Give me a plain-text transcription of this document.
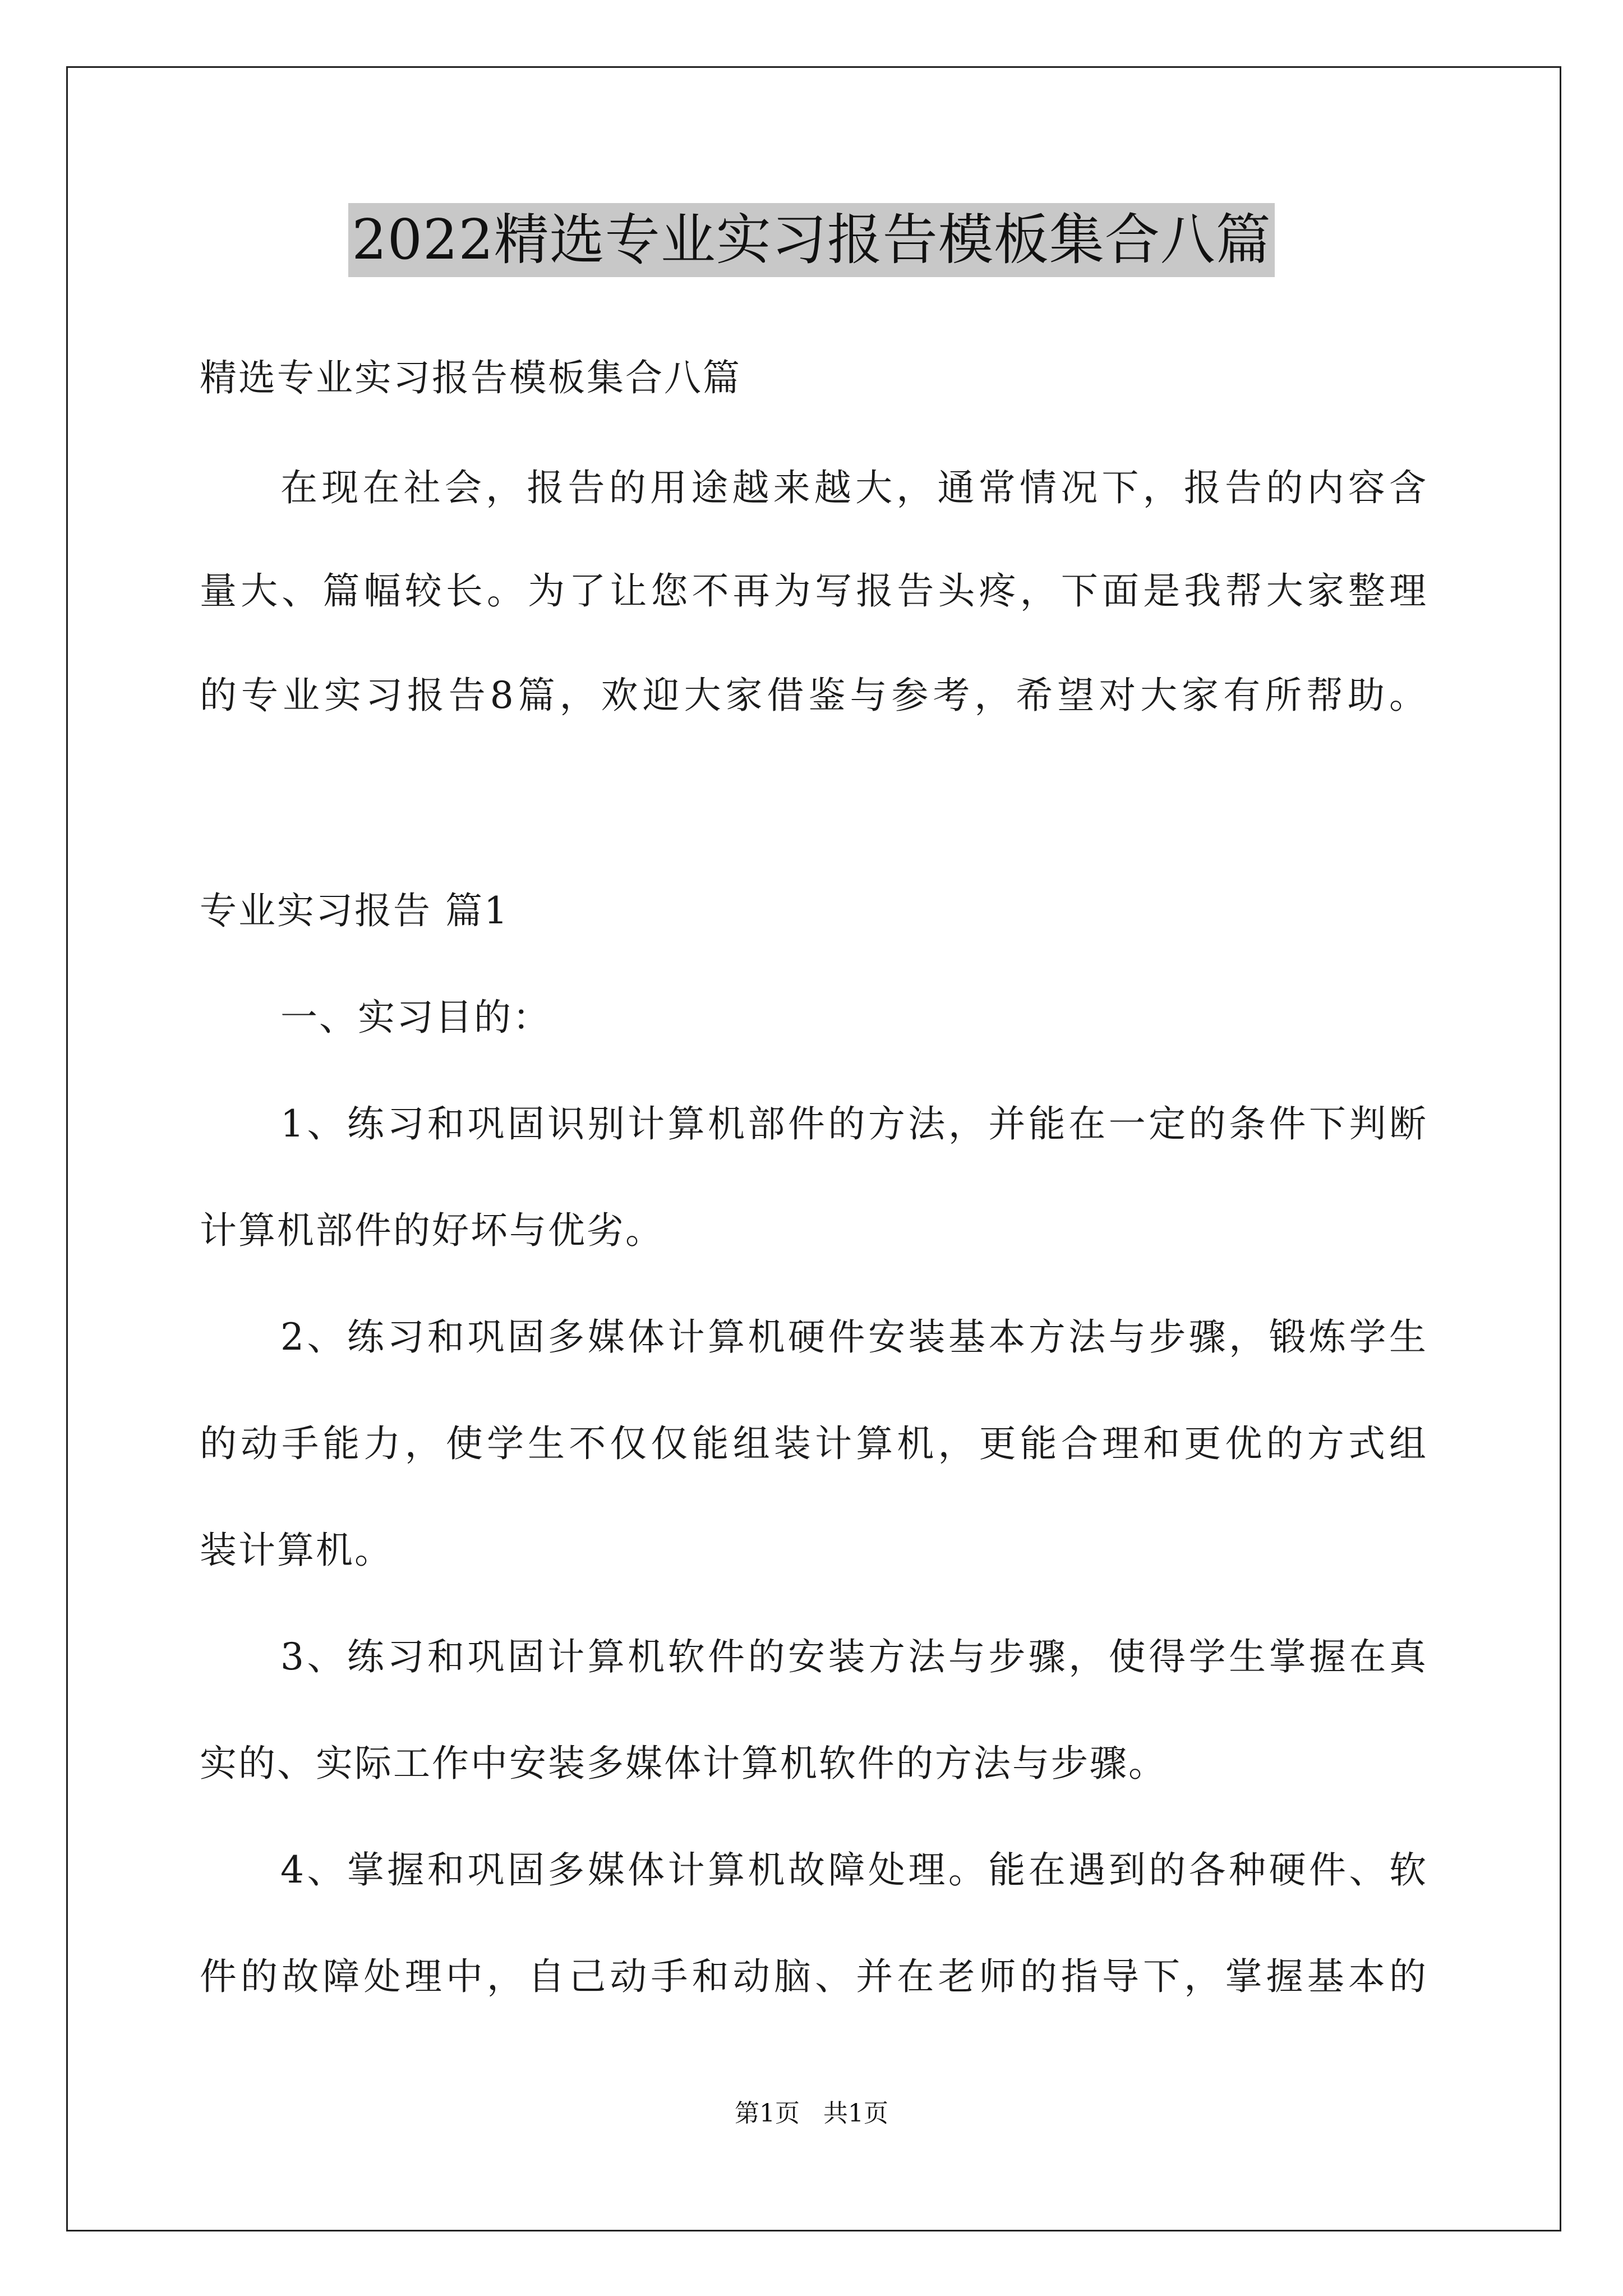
2022精选专业实习报告模板集合八篇
精选专业实习报告模板集合八篇
在现在社会，报告的用途越来越大，通常情况下，报告的内容含
量大、篇幅较长。为了让您不再为写报告头疼，下面是我帮大家整理
的专业实习报告8篇，欢迎大家借鉴与参考，希望对大家有所帮助。
专业实习报告 篇1
一、实习目的：
1、练习和巩固识别计算机部件的方法，并能在一定的条件下判断
计算机部件的好坏与优劣。
2、练习和巩固多媒体计算机硬件安装基本方法与步骤，锻炼学生
的动手能力，使学生不仅仅能组装计算机，更能合理和更优的方式组
装计算机。
3、练习和巩固计算机软件的安装方法与步骤，使得学生掌握在真
实的、实际工作中安装多媒体计算机软件的方法与步骤。
4、掌握和巩固多媒体计算机故障处理。能在遇到的各种硬件、软
件的故障处理中，自己动手和动脑、并在老师的指导下，掌握基本的
第1页 共1页
